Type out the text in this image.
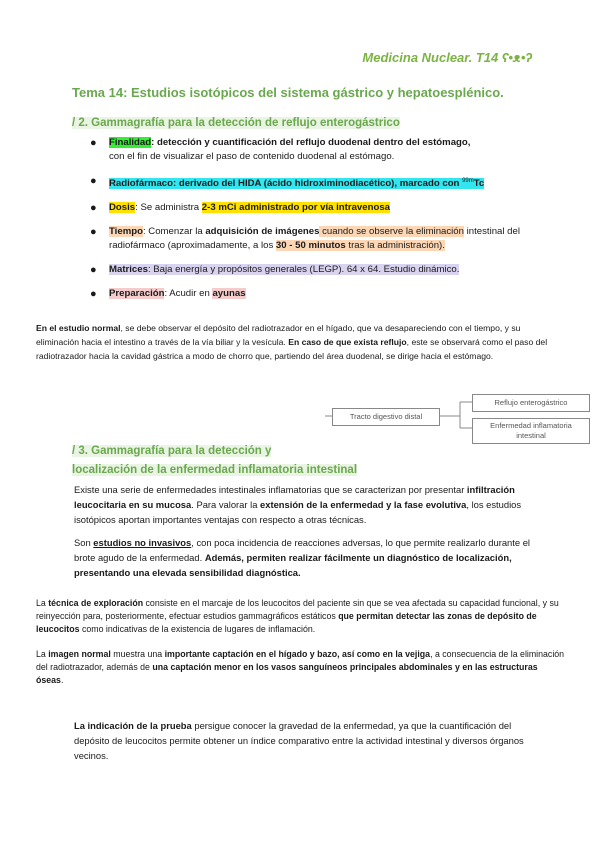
Medicina Nuclear. T14 ʕ•ᴥ•ʔ
Tema 14: Estudios isotópicos del sistema gástrico y hepatoesplénico.
/ 2. Gammagrafía para la detección de reflujo enterogástrico
● Finalidad: detección y cuantificación del reflujo duodenal dentro del estómago,
con el fin de visualizar el paso de contenido duodenal al estómago.
● Radiofármaco: derivado del HIDA (ácido hidroximinodiacético), marcado con $^{99m}$Tc
● Dosis: Se administra 2-3 mCi administrado por vía intravenosa
● Tiempo: Comenzar la adquisición de imágenes cuando se observe la eliminación intestinal del radiofármaco (aproximadamente, a los 30 - 50 minutos tras la administración).
● Matrices: Baja energía y propósitos generales (LEGP). 64 x 64. Estudio dinámico.
● Preparación: Acudir en ayunas
En el estudio normal, se debe observar el depósito del radiotrazador en el hígado, que va desapareciendo con el tiempo, y su eliminación hacia el intestino a través de la vía biliar y la vesícula. En caso de que exista reflujo, este se observará como el paso del radiotrazador hacia la cavidad gástrica a modo de chorro que, partiendo del área duodenal, se dirige hacia el estómago.
Tracto digestivo distal
Reflujo enterogástrico
Enfermedad inflamatoria
intestinal
/ 3. Gammagrafía para la detección y
localización de la enfermedad inflamatoria intestinal
Existe una serie de enfermedades intestinales inflamatorias que se caracterizan por presentar infiltración leucocitaria en su mucosa. Para valorar la extensión de la enfermedad y la fase evolutiva, los estudios isotópicos aportan importantes ventajas con respecto a otras técnicas.
Son estudios no invasivos, con poca incidencia de reacciones adversas, lo que permite realizarlo durante el brote agudo de la enfermedad. Además, permiten realizar fácilmente un diagnóstico de localización, presentando una elevada sensibilidad diagnóstica.
La técnica de exploración consiste en el marcaje de los leucocitos del paciente sin que se vea afectada su capacidad funcional, y su reinyección para, posteriormente, efectuar estudios gammagráficos estáticos que permitan detectar las zonas de depósito de leucocitos como indicativas de la existencia de lugares de inflamación.
La imagen normal muestra una importante captación en el hígado y bazo, así como en la vejiga, a consecuencia de la eliminación del radiotrazador, además de una captación menor en los vasos sanguíneos principales abdominales y en las estructuras óseas.
La indicación de la prueba persigue conocer la gravedad de la enfermedad, ya que la cuantificación del depósito de leucocitos permite obtener un índice comparativo entre la actividad intestinal y diversos órganos vecinos.
